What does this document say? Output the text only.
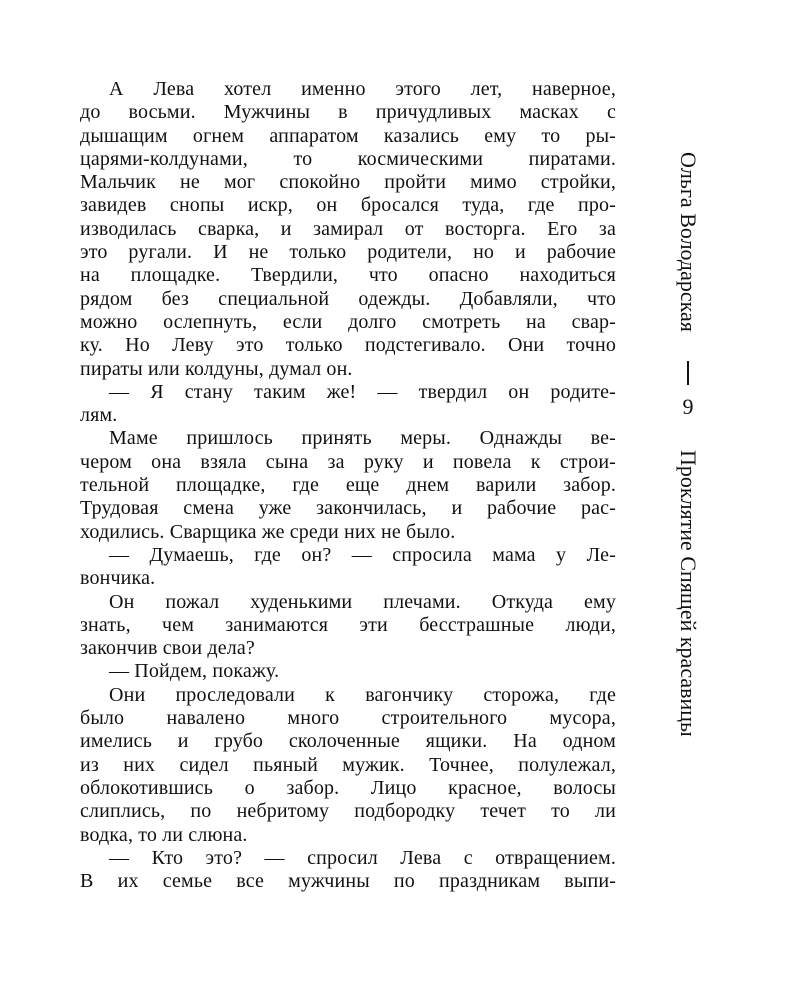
А Лева хотел именно этого лет, наверное,
до восьми. Мужчины в причудливых масках с
дышащим огнем аппаратом казались ему то ры-
царями-колдунами, то космическими пиратами.
Мальчик не мог спокойно пройти мимо стройки,
завидев снопы искр, он бросался туда, где про-
изводилась сварка, и замирал от восторга. Его за
это ругали. И не только родители, но и рабочие
на площадке. Твердили, что опасно находиться
рядом без специальной одежды. Добавляли, что
можно ослепнуть, если долго смотреть на свар-
ку. Но Леву это только подстегивало. Они точно
пираты или колдуны, думал он.
— Я стану таким же! — твердил он родите-
лям.
Маме пришлось принять меры. Однажды ве-
чером она взяла сына за руку и повела к строи-
тельной площадке, где еще днем варили забор.
Трудовая смена уже закончилась, и рабочие рас-
ходились. Сварщика же среди них не было.
— Думаешь, где он? — спросила мама у Ле-
вончика.
Он пожал худенькими плечами. Откуда ему
знать, чем занимаются эти бесстрашные люди,
закончив свои дела?
— Пойдем, покажу.
Они проследовали к вагончику сторожа, где
было навалено много строительного мусора,
имелись и грубо сколоченные ящики. На одном
из них сидел пьяный мужик. Точнее, полулежал,
облокотившись о забор. Лицо красное, волосы
слиплись, по небритому подбородку течет то ли
водка, то ли слюна.
— Кто это? — спросил Лева с отвращением.
В их семье все мужчины по праздникам выпи-
Ольга Володарская
9
Проклятие Спящей красавицы
